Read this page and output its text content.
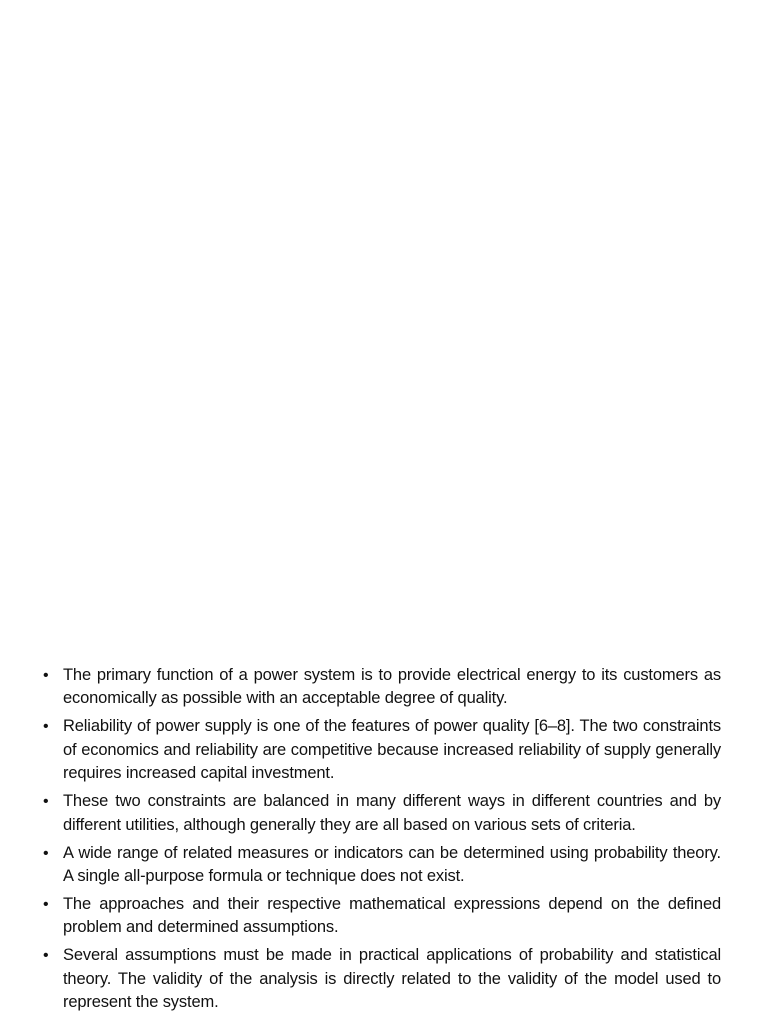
• The primary function of a power system is to provide electrical energy to its customers as economically as possible with an acceptable degree of quality.
• Reliability of power supply is one of the features of power quality [6–8]. The two constraints of economics and reliability are competitive because increased reliability of supply generally requires increased capital investment.
• These two constraints are balanced in many different ways in different countries and by different utilities, although generally they are all based on various sets of criteria.
• A wide range of related measures or indicators can be determined using probability theory. A single all-purpose formula or technique does not exist.
• The approaches and their respective mathematical expressions depend on the defined problem and determined assumptions.
• Several assumptions must be made in practical applications of probability and statistical theory. The validity of the analysis is directly related to the validity of the model used to represent the system.
